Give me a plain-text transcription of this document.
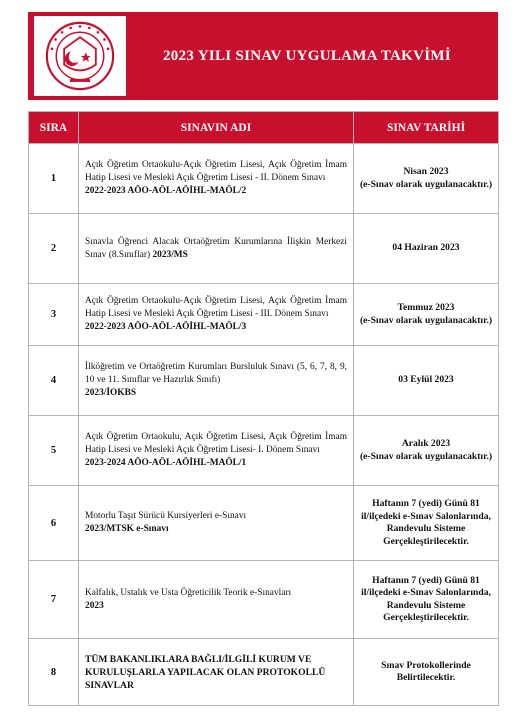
2023 YILI SINAV UYGULAMA TAKVİMİ
SIRA	SINAVIN ADI	SINAV TARİHİ
1	Açık Öğretim Ortaokulu-Açık Öğretim Lisesi, Açık Öğretim İmam Hatip Lisesi ve Mesleki Açık Öğretim Lisesi - II. Dönem Sınavı
2022-2023 AÖO-AÖL-AÖİHL-MAÖL/2	Nisan 2023
(e-Sınav olarak uygulanacaktır.)
2	Sınavla Öğrenci Alacak Ortaöğretim Kurumlarına İlişkin Merkezi Sınav (8.Sınıflar) 2023/MS	04 Haziran 2023
3	Açık Öğretim Ortaokulu-Açık Öğretim Lisesi, Açık Öğretim İmam Hatip Lisesi ve Mesleki Açık Öğretim Lisesi - III. Dönem Sınavı
2022-2023 AÖO-AÖL-AÖİHL-MAÖL/3	Temmuz 2023
(e-Sınav olarak uygulanacaktır.)
4	İlköğretim ve Ortaöğretim Kurumları Bursluluk Sınavı (5, 6, 7, 8, 9, 10 ve 11. Sınıflar ve Hazırlık Sınıfı)
2023/İOKBS	03 Eylül 2023
5	Açık Öğretim Ortaokulu, Açık Öğretim Lisesi, Açık Öğretim İmam Hatip Lisesi ve Mesleki Açık Öğretim Lisesi- I. Dönem Sınavı
2023-2024 AÖO-AÖL-AÖİHL-MAÖL/1	Aralık 2023
(e-Sınav olarak uygulanacaktır.)
6	Motorlu Taşıt Sürücü Kursiyerleri e-Sınavı
2023/MTSK e-Sınavı	Haftanın 7 (yedi) Günü 81 il/ilçedeki e-Sınav Salonlarında, Randevulu Sisteme Gerçekleştirilecektir.
7	Kalfalık, Ustalık ve Usta Öğreticilik Teorik e-Sınavları
2023	Haftanın 7 (yedi) Günü 81 il/ilçedeki e-Sınav Salonlarında, Randevulu Sisteme Gerçekleştirilecektir.
8	TÜM BAKANLIKLARA BAĞLI/İLGİLİ KURUM VE KURULUŞLARLA YAPILACAK OLAN PROTOKOLLÜ SINAVLAR	Sınav Protokollerinde Belirtilecektir.
